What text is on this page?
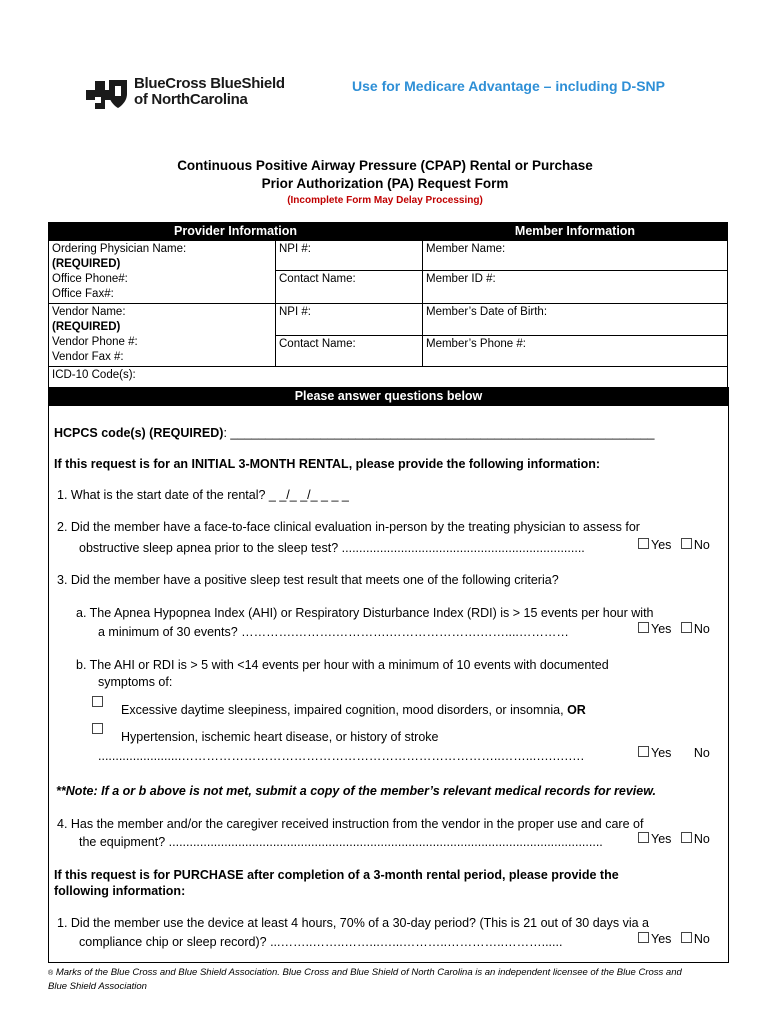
BlueCross BlueShield
of NorthCarolina
Use for Medicare Advantage – including D-SNP
Continuous Positive Airway Pressure (CPAP) Rental or Purchase
Prior Authorization (PA) Request Form
(Incomplete Form May Delay Processing)
Provider Information		Member Information

Ordering Physician Name:
(REQUIRED)
Office Phone#:
Office Fax#:	NPI #:	Member Name:
	Contact Name:	Member ID #:

Vendor Name:
(REQUIRED)
Vendor Phone #:
Vendor Fax #:	NPI #:	Member’s Date of Birth:
	Contact Name:	Member’s Phone #:
ICD-10 Code(s):		
Please answer questions below
HCPCS code(s) (REQUIRED): _____________________________________________________________
If this request is for an INITIAL 3-MONTH RENTAL, please provide the following information:
1. What is the start date of the rental? _ _/_ _/_ _ _ _
2. Did the member have a face-to-face clinical evaluation in-person by the treating physician to assess for
obstructive sleep apnea prior to the sleep test? ......................................................................	Yes No
3. Did the member have a positive sleep test result that meets one of the following criteria?
a. The Apnea Hypopnea Index (AHI) or Respiratory Disturbance Index (RDI) is > 15 events per hour with
a minimum of 30 events? ………….……….………….………………….……....…………	Yes No
b. The AHI or RDI is > 5 with <14 events per hour with a minimum of 10 events with documented
symptoms of:
Excessive daytime sleepiness, impaired cognition, mood disorders, or insomnia, OR
Hypertension, ischemic heart disease, or history of stroke
........................…………………………………………………………………..……...….….….	Yes No
**Note: If a or b above is not met, submit a copy of the member’s relevant medical records for review.
4. Has the member and/or the caregiver received instruction from the vendor in the proper use and care of
the equipment? .............................................................................................................................	Yes No
If this request is for PURCHASE after completion of a 3-month rental period, please provide the
following information:
1. Did the member use the device at least 4 hours, 70% of a 30-day period? (This is 21 out of 30 days via a
compliance chip or sleep record)? ...……..……..……...…...………..…………..………......	Yes No
® Marks of the Blue Cross and Blue Shield Association. Blue Cross and Blue Shield of North Carolina is an independent licensee of the Blue Cross and
Blue Shield Association
